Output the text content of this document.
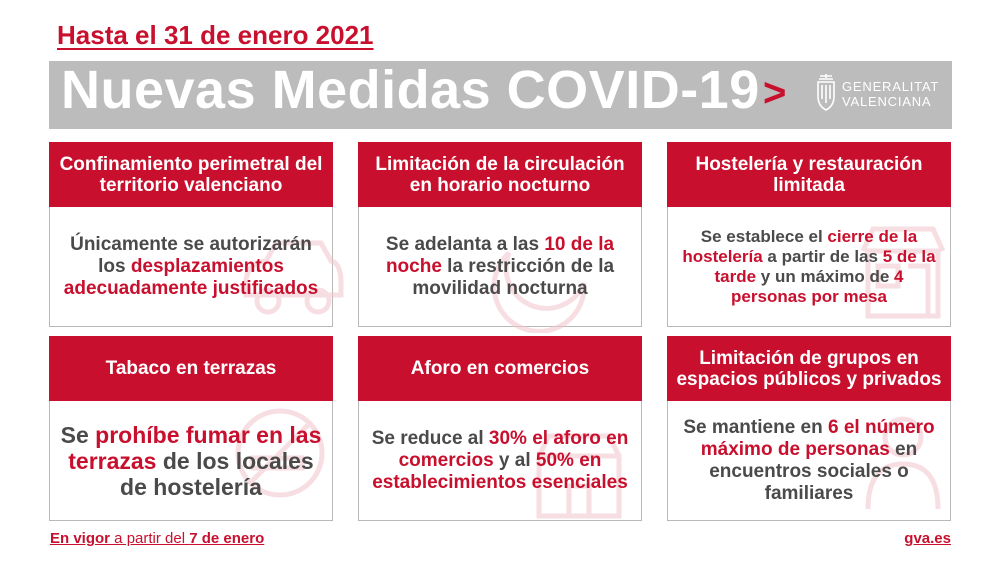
Hasta el 31 de enero 2021
Nuevas Medidas COVID-19 >	GENERALITAT
VALENCIANA
Confinamiento perimetral del territorio valenciano
Únicamente se autorizarán los desplazamientos adecuadamente justificados
Limitación de la circulación en horario nocturno
Se adelanta a las 10 de la noche la restricción de la movilidad nocturna
Hostelería y restauración limitada
Se establece el cierre de la hostelería a partir de las 5 de la tarde y un máximo de 4 personas por mesa
Tabaco en terrazas
Se prohíbe fumar en las terrazas de los locales de hostelería
Aforo en comercios
Se reduce al 30% el aforo en comercios y al 50% en establecimientos esenciales
Limitación de grupos en espacios públicos y privados
Se mantiene en 6 el número máximo de personas en encuentros sociales o familiares
En vigor a partir del 7 de enero	gva.es
